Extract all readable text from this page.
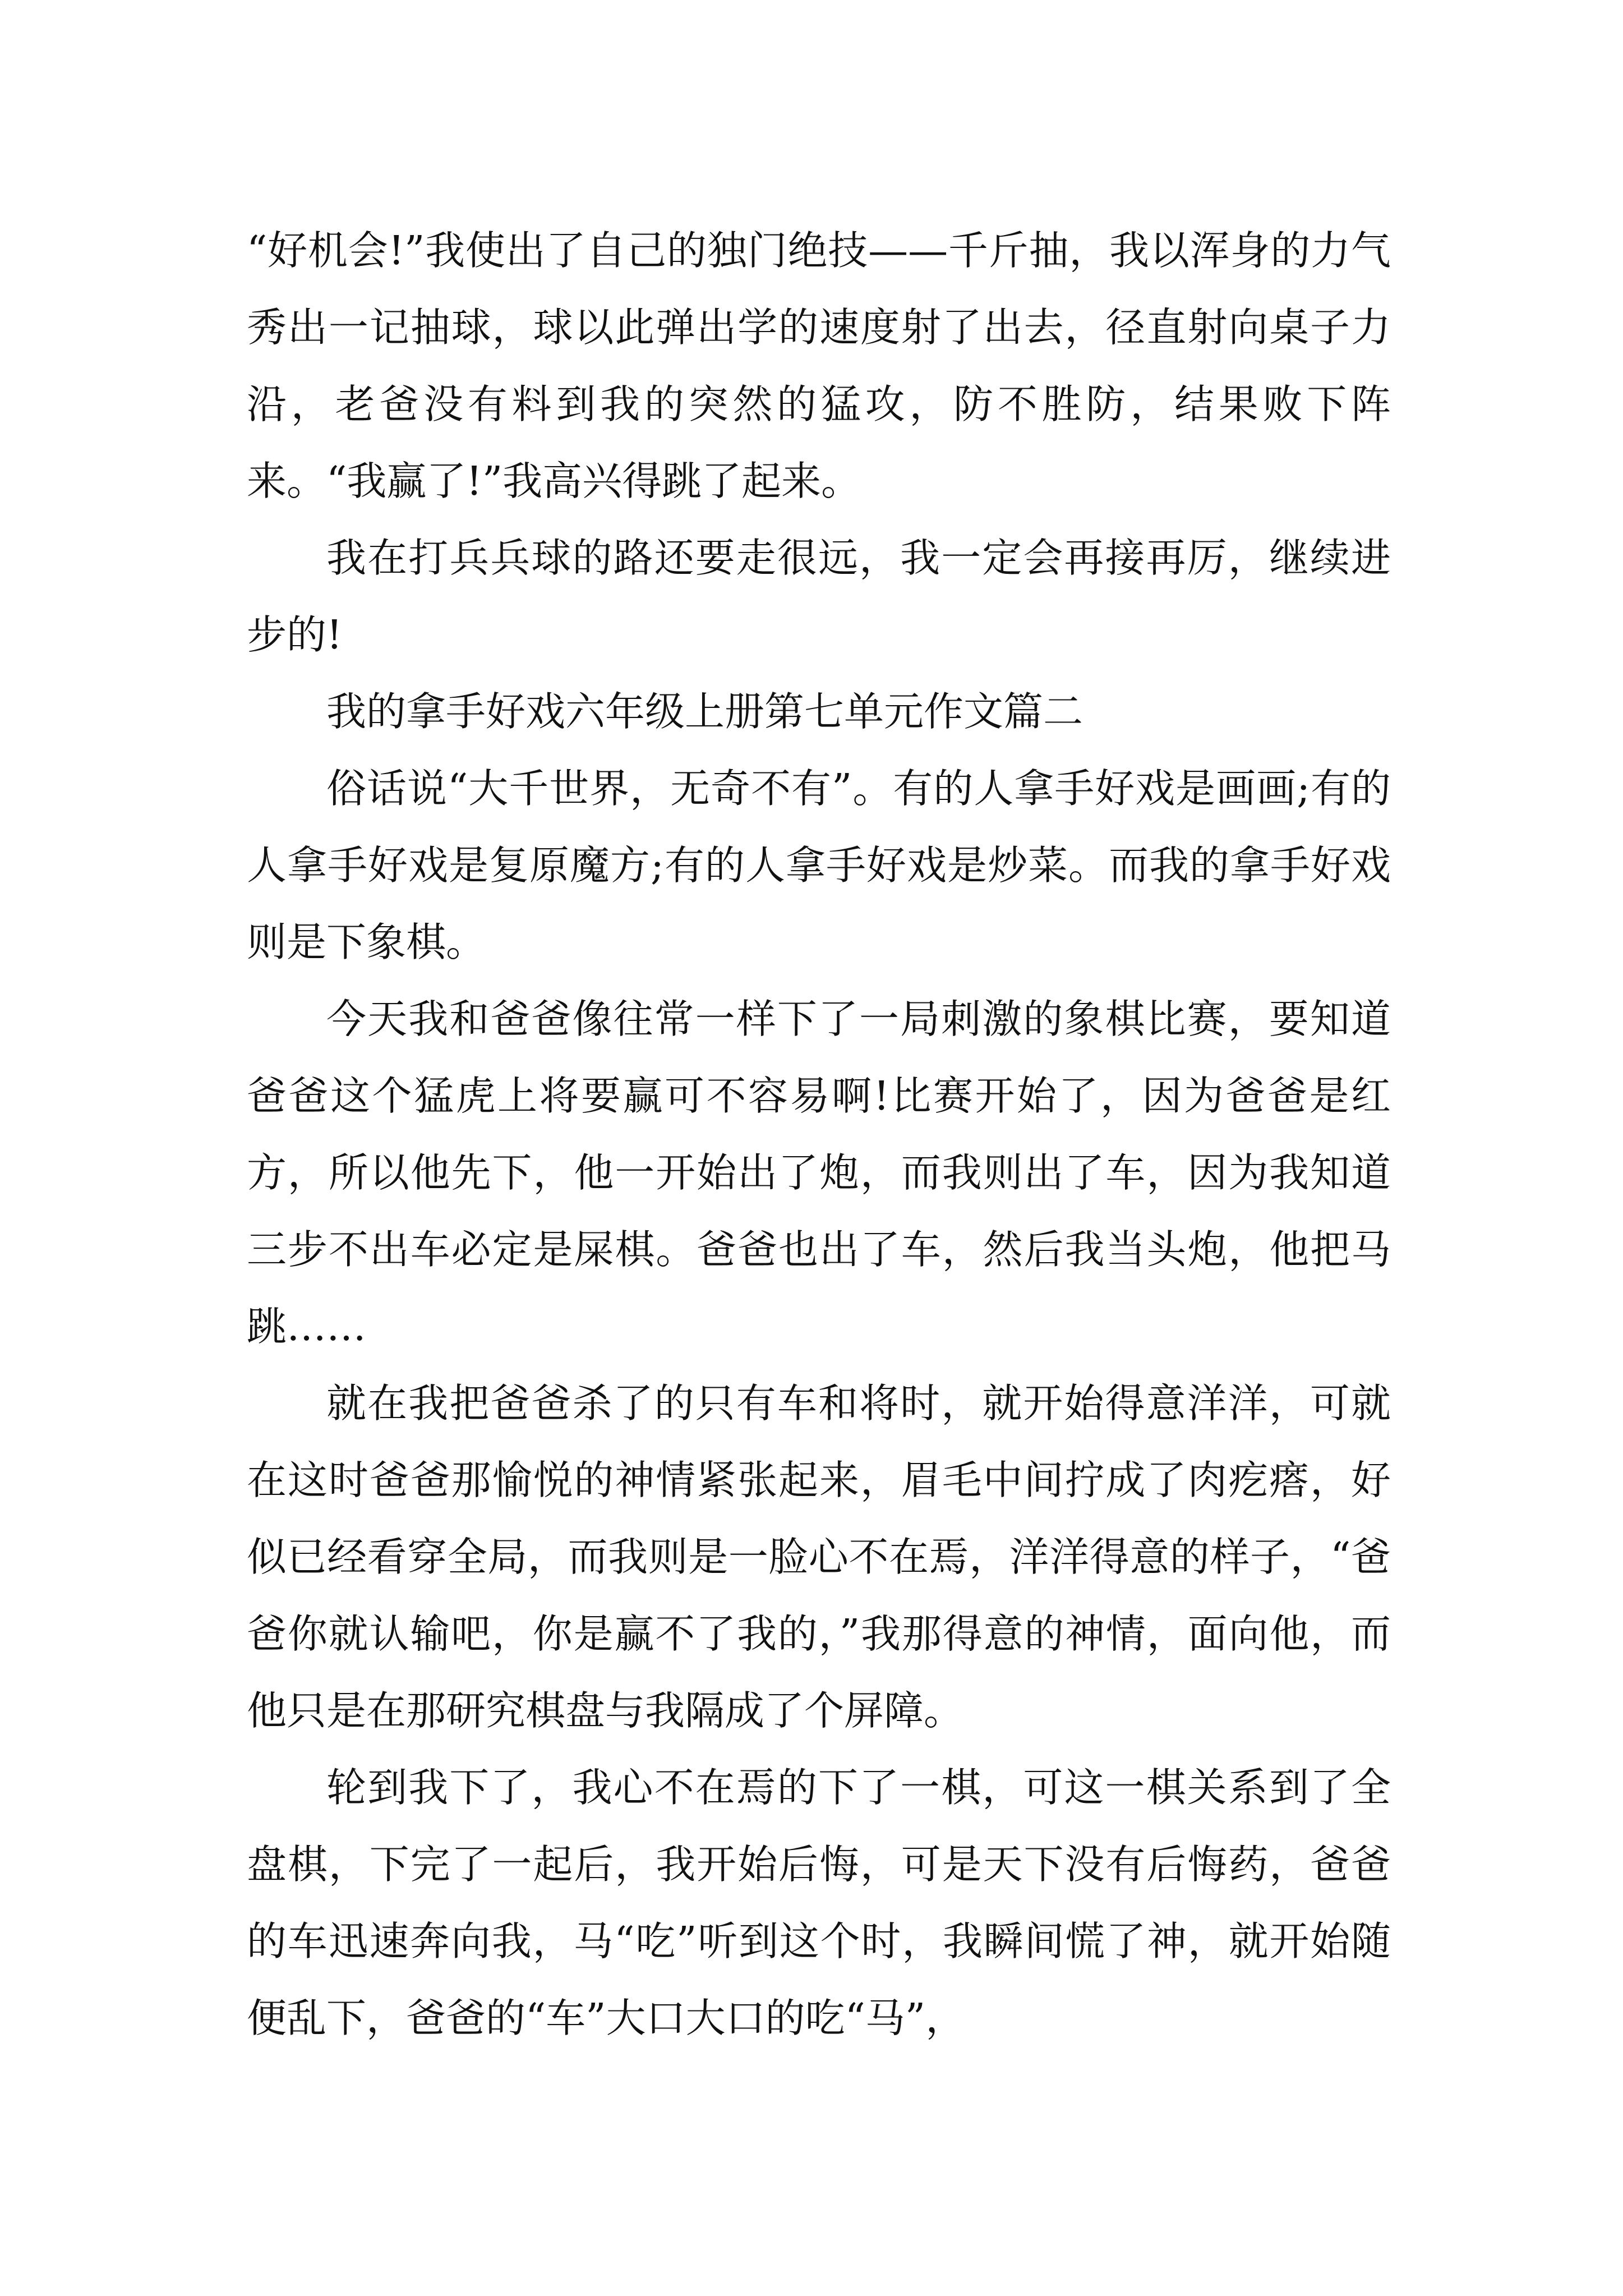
“好机会!”我使出了自己的独门绝技——千斤抽，我以浑身的力气秀出一记抽球，球以此弹出学的速度射了出去，径直射向桌子力沿，老爸没有料到我的突然的猛攻，防不胜防，结果败下阵来。“我赢了!”我高兴得跳了起来。

我在打兵兵球的路还要走很远，我一定会再接再厉，继续进步的!

我的拿手好戏六年级上册第七单元作文篇二

俗话说“大千世界，无奇不有”。有的人拿手好戏是画画;有的人拿手好戏是复原魔方;有的人拿手好戏是炒菜。而我的拿手好戏则是下象棋。

今天我和爸爸像往常一样下了一局刺激的象棋比赛，要知道爸爸这个猛虎上将要赢可不容易啊!比赛开始了，因为爸爸是红方，所以他先下，他一开始出了炮，而我则出了车，因为我知道三步不出车必定是屎棋。爸爸也出了车，然后我当头炮，他把马跳……

就在我把爸爸杀了的只有车和将时，就开始得意洋洋，可就在这时爸爸那愉悦的神情紧张起来，眉毛中间拧成了肉疙瘩，好似已经看穿全局，而我则是一脸心不在焉，洋洋得意的样子，“爸爸你就认输吧，你是赢不了我的，”我那得意的神情，面向他，而他只是在那研究棋盘与我隔成了个屏障。

轮到我下了，我心不在焉的下了一棋，可这一棋关系到了全盘棋，下完了一起后，我开始后悔，可是天下没有后悔药，爸爸的车迅速奔向我，马“吃”听到这个时，我瞬间慌了神，就开始随便乱下，爸爸的“车”大口大口的吃“马”，
